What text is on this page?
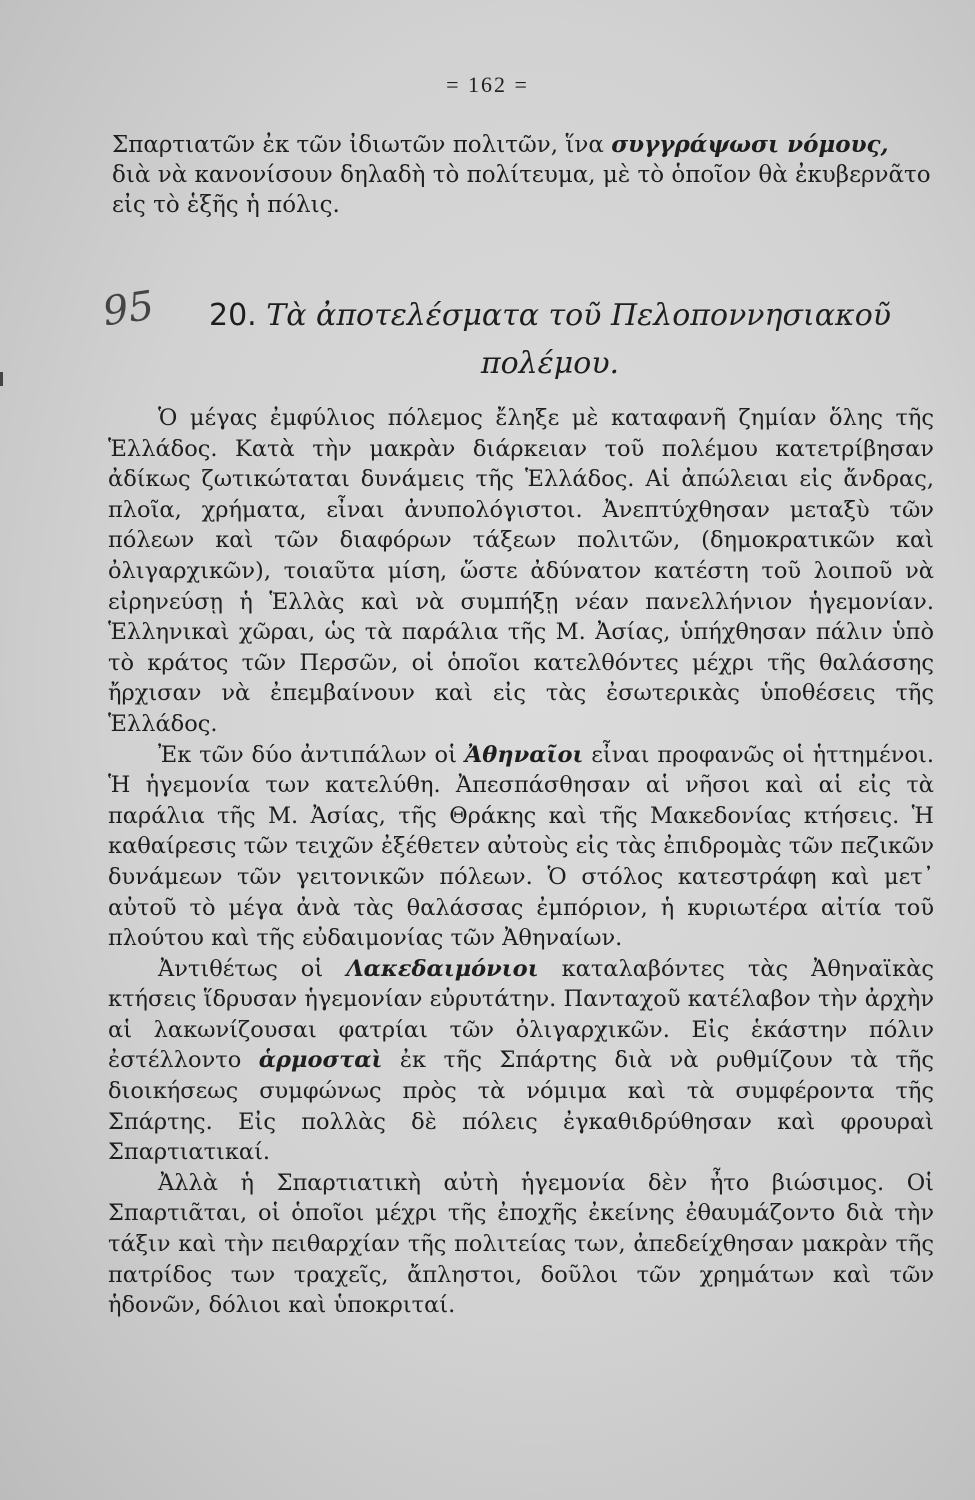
= 162 =
Σπαρτιατῶν ἐκ τῶν ἰδιωτῶν πολιτῶν, ἵνα συγγράψωσι νόμους, διὰ νὰ κανονίσουν δηλαδὴ τὸ πολίτευμα, μὲ τὸ ὁποῖον θὰ ἐκυβερνᾶτο εἰς τὸ ἑξῆς ἡ πόλις.
95	20. Τὰ ἀποτελέσματα τοῦ Πελοποννησιακοῦ
πολέμου.

Ὁ μέγας ἐμφύλιος πόλεμος ἔληξε μὲ καταφανῆ ζημίαν ὅλης τῆς Ἑλλάδος. Κατὰ τὴν μακρὰν διάρκειαν τοῦ πολέμου κατετρίβησαν ἀδίκως ζωτικώταται δυνάμεις τῆς Ἑλλάδος. Αἱ ἀπώλειαι εἰς ἄνδρας, πλοῖα, χρήματα, εἶναι ἀνυπολόγιστοι. Ἀνεπτύχθησαν μεταξὺ τῶν πόλεων καὶ τῶν διαφόρων τάξεων πολιτῶν, (δημοκρατικῶν καὶ ὀλιγαρχικῶν), τοιαῦτα μίση, ὥστε ἀδύνατον κατέστη τοῦ λοιποῦ νὰ εἰρηνεύσῃ ἡ Ἑλλὰς καὶ νὰ συμπήξῃ νέαν πανελλήνιον ἡγεμονίαν. Ἑλληνικαὶ χῶραι, ὡς τὰ παράλια τῆς Μ. Ἀσίας, ὑπήχθησαν πάλιν ὑπὸ τὸ κράτος τῶν Περσῶν, οἱ ὁποῖοι κατελθόντες μέχρι τῆς θαλάσσης ἤρχισαν νὰ ἐπεμβαίνουν καὶ εἰς τὰς ἐσωτερικὰς ὑποθέσεις τῆς Ἑλλάδος.

Ἐκ τῶν δύο ἀντιπάλων οἱ Ἀθηναῖοι εἶναι προφανῶς οἱ ἡττημένοι. Ἡ ἡγεμονία των κατελύθη. Ἀπεσπάσθησαν αἱ νῆσοι καὶ αἱ εἰς τὰ παράλια τῆς Μ. Ἀσίας, τῆς Θράκης καὶ τῆς Μακεδονίας κτήσεις. Ἡ καθαίρεσις τῶν τειχῶν ἐξέθετεν αὐτοὺς εἰς τὰς ἐπιδρομὰς τῶν πεζικῶν δυνάμεων τῶν γειτονικῶν πόλεων. Ὁ στόλος κατεστράφη καὶ μετ᾽ αὐτοῦ τὸ μέγα ἀνὰ τὰς θαλάσσας ἐμπόριον, ἡ κυριωτέρα αἰτία τοῦ πλούτου καὶ τῆς εὐδαιμονίας τῶν Ἀθηναίων.

Ἀντιθέτως οἱ Λακεδαιμόνιοι καταλαβόντες τὰς Ἀθηναϊκὰς κτήσεις ἵδρυσαν ἡγεμονίαν εὐρυτάτην. Πανταχοῦ κατέλαβον τὴν ἀρχὴν αἱ λακωνίζουσαι φατρίαι τῶν ὀλιγαρχικῶν. Εἰς ἑκάστην πόλιν ἐστέλλοντο ἁρμοσταὶ ἐκ τῆς Σπάρτης διὰ νὰ ρυθμίζουν τὰ τῆς διοικήσεως συμφώνως πρὸς τὰ νόμιμα καὶ τὰ συμφέροντα τῆς Σπάρτης. Εἰς πολλὰς δὲ πόλεις ἐγκαθιδρύθησαν καὶ φρουραὶ Σπαρτιατικαί.

Ἀλλὰ ἡ Σπαρτιατικὴ αὐτὴ ἡγεμονία δὲν ἦτο βιώσιμος. Οἱ Σπαρτιᾶται, οἱ ὁποῖοι μέχρι τῆς ἐποχῆς ἐκείνης ἐθαυμάζοντο διὰ τὴν τάξιν καὶ τὴν πειθαρχίαν τῆς πολιτείας των, ἀπεδείχθησαν μακρὰν τῆς πατρίδος των τραχεῖς, ἄπληστοι, δοῦλοι τῶν χρημάτων καὶ τῶν ἡδονῶν, δόλιοι καὶ ὑποκριταί.
